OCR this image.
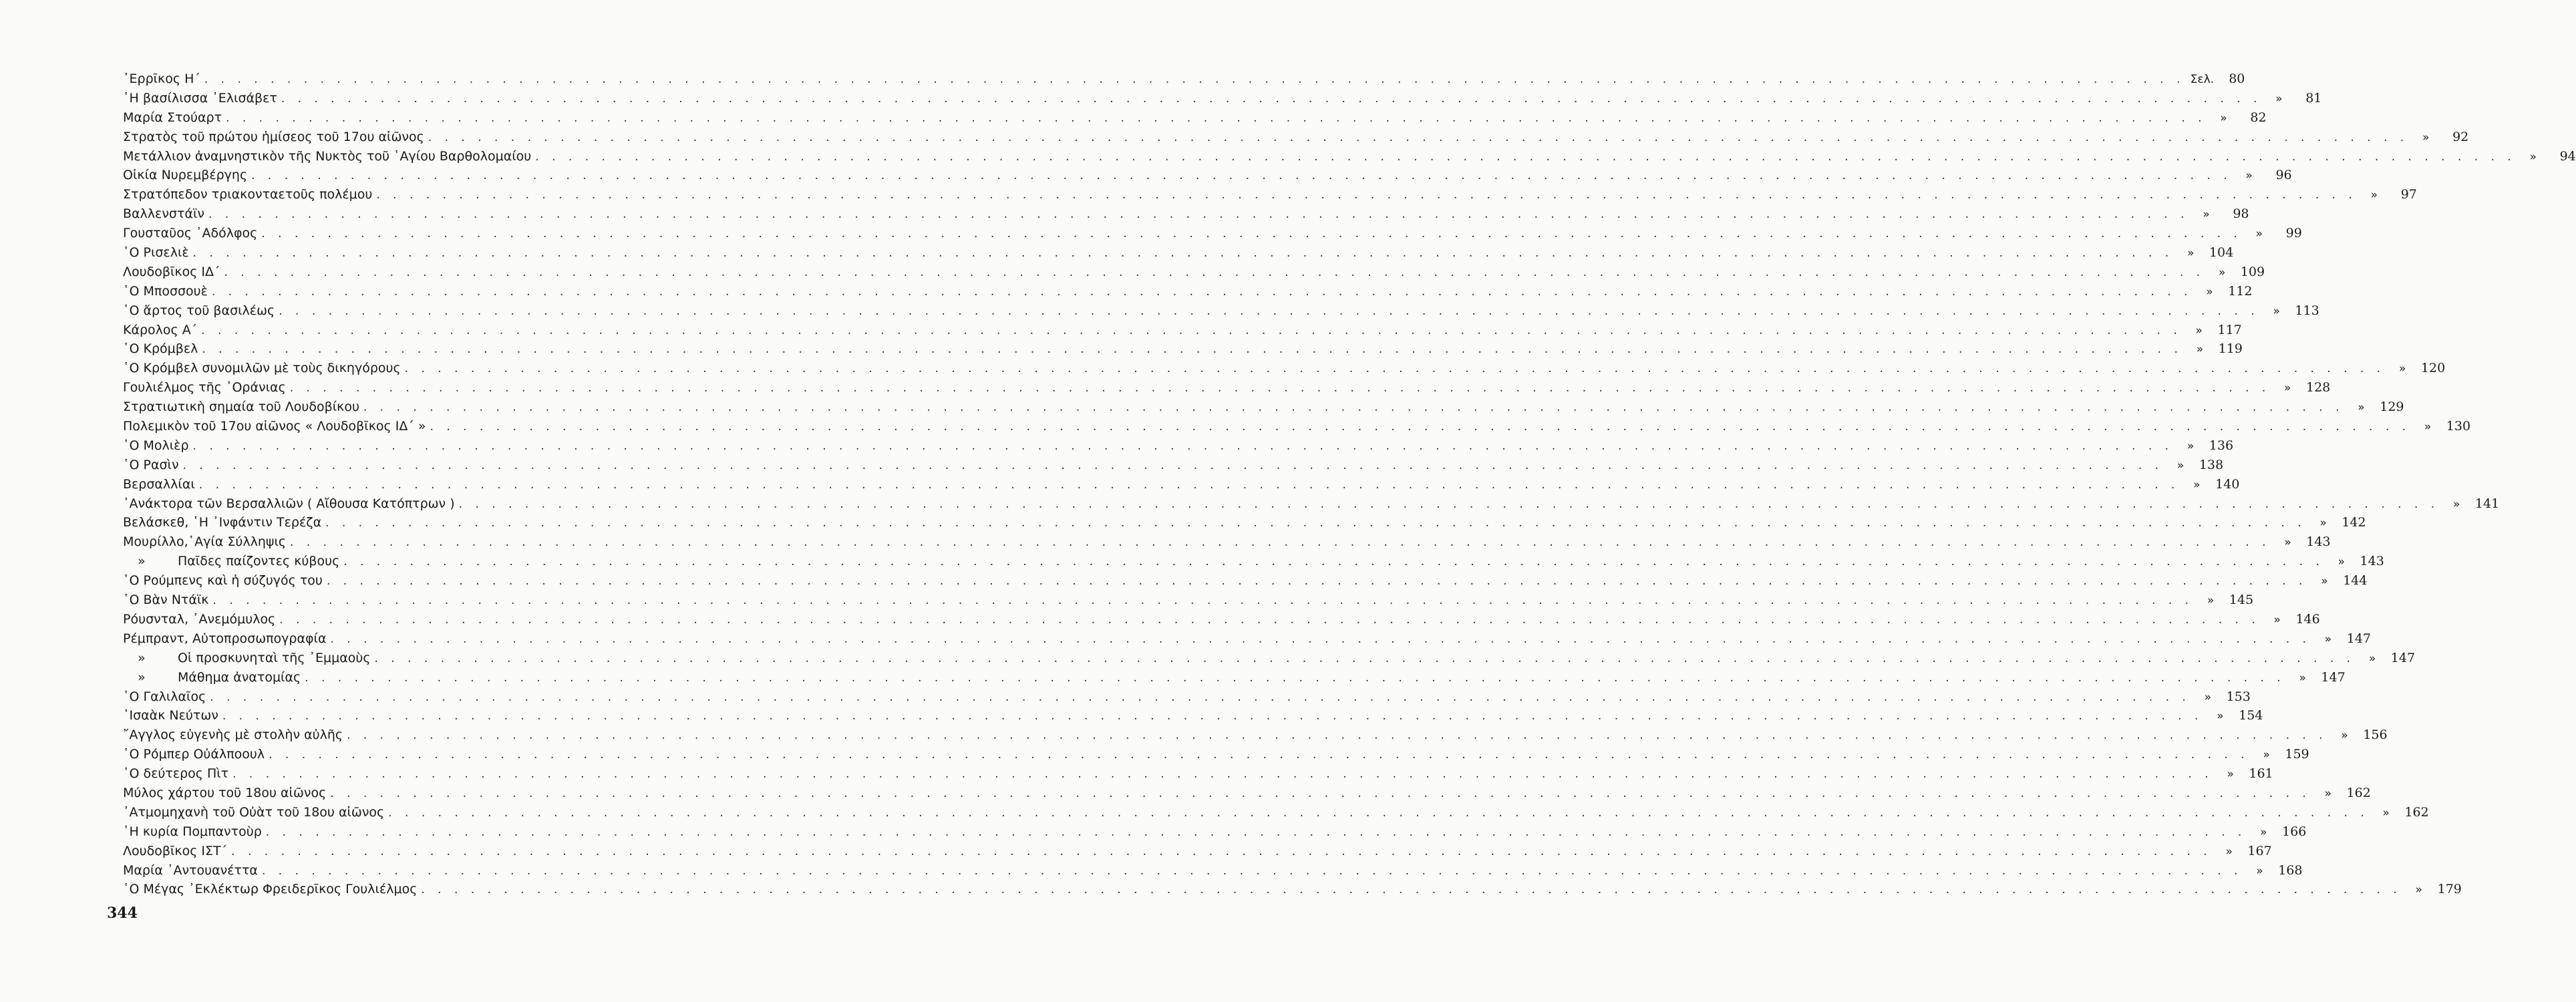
᾿Ερρῖκος Η΄ . . . . . . . . . . . . . . . . . . . . . . . . . . . . . . . . . . . . . . . . . . . . . . . . . . . . . . . . . . . . . . . . . . . . . . . . . . . . . . . . . . . . . . . . . . . . . . . . . . . . . . . . . . . . . . . . . . . . . . . . Σελ.	80
῾Η βασίλισσα ᾿Ελισάβετ . . . . . . . . . . . . . . . . . . . . . . . . . . . . . . . . . . . . . . . . . . . . . . . . . . . . . . . . . . . . . . . . . . . . . . . . . . . . . . . . . . . . . . . . . . . . . . . . . . . . . . . . . . . . . . . . . . . . . . . .	»	81
Μαρία Στούαρτ . . . . . . . . . . . . . . . . . . . . . . . . . . . . . . . . . . . . . . . . . . . . . . . . . . . . . . . . . . . . . . . . . . . . . . . . . . . . . . . . . . . . . . . . . . . . . . . . . . . . . . . . . . . . . . . . . . . . . . . .	»	82
Στρατὸς τοῦ πρώτου ἡμίσεος τοῦ 17ου αἰῶνος . . . . . . . . . . . . . . . . . . . . . . . . . . . . . . . . . . . . . . . . . . . . . . . . . . . . . . . . . . . . . . . . . . . . . . . . . . . . . . . . . . . . . . . . . . . . . . . . . . . . . . . . . . . . . . . . . . . . . . . .	»	92
Μετάλλιον ἀναμνηστικὸν τῆς Νυκτὸς τοῦ ῾Αγίου Βαρθολομαίου . . . . . . . . . . . . . . . . . . . . . . . . . . . . . . . . . . . . . . . . . . . . . . . . . . . . . . . . . . . . . . . . . . . . . . . . . . . . . . . . . . . . . . . . . . . . . . . . . . . . . . . . . . . . . . . . . . . . . . . .	»	94
Οἰκία Νυρεμβέργης . . . . . . . . . . . . . . . . . . . . . . . . . . . . . . . . . . . . . . . . . . . . . . . . . . . . . . . . . . . . . . . . . . . . . . . . . . . . . . . . . . . . . . . . . . . . . . . . . . . . . . . . . . . . . . . . . . . . . . . .	»	96
Στρατόπεδον τριακονταετοῦς πολέμου . . . . . . . . . . . . . . . . . . . . . . . . . . . . . . . . . . . . . . . . . . . . . . . . . . . . . . . . . . . . . . . . . . . . . . . . . . . . . . . . . . . . . . . . . . . . . . . . . . . . . . . . . . . . . . . . . . . . . . . .	»	97
Βαλλενστάϊν . . . . . . . . . . . . . . . . . . . . . . . . . . . . . . . . . . . . . . . . . . . . . . . . . . . . . . . . . . . . . . . . . . . . . . . . . . . . . . . . . . . . . . . . . . . . . . . . . . . . . . . . . . . . . . . . . . . . . . . .	»	98
Γουσταῦος ᾿Αδόλφος . . . . . . . . . . . . . . . . . . . . . . . . . . . . . . . . . . . . . . . . . . . . . . . . . . . . . . . . . . . . . . . . . . . . . . . . . . . . . . . . . . . . . . . . . . . . . . . . . . . . . . . . . . . . . . . . . . . . . . . .	»	99
῾Ο Ρισελιὲ . . . . . . . . . . . . . . . . . . . . . . . . . . . . . . . . . . . . . . . . . . . . . . . . . . . . . . . . . . . . . . . . . . . . . . . . . . . . . . . . . . . . . . . . . . . . . . . . . . . . . . . . . . . . . . . . . . . . . . . .	»	104
Λουδοβῖκος ΙΔ΄ . . . . . . . . . . . . . . . . . . . . . . . . . . . . . . . . . . . . . . . . . . . . . . . . . . . . . . . . . . . . . . . . . . . . . . . . . . . . . . . . . . . . . . . . . . . . . . . . . . . . . . . . . . . . . . . . . . . . . . . .	»	109
῾Ο Μποσσουὲ . . . . . . . . . . . . . . . . . . . . . . . . . . . . . . . . . . . . . . . . . . . . . . . . . . . . . . . . . . . . . . . . . . . . . . . . . . . . . . . . . . . . . . . . . . . . . . . . . . . . . . . . . . . . . . . . . . . . . . . .	»	112
῾Ο ἄρτος τοῦ βασιλέως . . . . . . . . . . . . . . . . . . . . . . . . . . . . . . . . . . . . . . . . . . . . . . . . . . . . . . . . . . . . . . . . . . . . . . . . . . . . . . . . . . . . . . . . . . . . . . . . . . . . . . . . . . . . . . . . . . . . . . . .	»	113
Κάρολος Α΄ . . . . . . . . . . . . . . . . . . . . . . . . . . . . . . . . . . . . . . . . . . . . . . . . . . . . . . . . . . . . . . . . . . . . . . . . . . . . . . . . . . . . . . . . . . . . . . . . . . . . . . . . . . . . . . . . . . . . . . . .	»	117
῾Ο Κρόμβελ . . . . . . . . . . . . . . . . . . . . . . . . . . . . . . . . . . . . . . . . . . . . . . . . . . . . . . . . . . . . . . . . . . . . . . . . . . . . . . . . . . . . . . . . . . . . . . . . . . . . . . . . . . . . . . . . . . . . . . . .	»	119
῾Ο Κρόμβελ συνομιλῶν μὲ τοὺς δικηγόρους . . . . . . . . . . . . . . . . . . . . . . . . . . . . . . . . . . . . . . . . . . . . . . . . . . . . . . . . . . . . . . . . . . . . . . . . . . . . . . . . . . . . . . . . . . . . . . . . . . . . . . . . . . . . . . . . . . . . . . . .	»	120
Γουλιέλμος τῆς ᾿Οράνιας . . . . . . . . . . . . . . . . . . . . . . . . . . . . . . . . . . . . . . . . . . . . . . . . . . . . . . . . . . . . . . . . . . . . . . . . . . . . . . . . . . . . . . . . . . . . . . . . . . . . . . . . . . . . . . . . . . . . . . . .	»	128
Στρατιωτικὴ σημαία τοῦ Λουδοβίκου . . . . . . . . . . . . . . . . . . . . . . . . . . . . . . . . . . . . . . . . . . . . . . . . . . . . . . . . . . . . . . . . . . . . . . . . . . . . . . . . . . . . . . . . . . . . . . . . . . . . . . . . . . . . . . . . . . . . . . . .	»	129
Πολεμικὸν τοῦ 17ου αἰῶνος « Λουδοβῖκος ΙΔ΄ » . . . . . . . . . . . . . . . . . . . . . . . . . . . . . . . . . . . . . . . . . . . . . . . . . . . . . . . . . . . . . . . . . . . . . . . . . . . . . . . . . . . . . . . . . . . . . . . . . . . . . . . . . . . . . . . . . . . . . . . .	»	130
῾Ο Μολιὲρ . . . . . . . . . . . . . . . . . . . . . . . . . . . . . . . . . . . . . . . . . . . . . . . . . . . . . . . . . . . . . . . . . . . . . . . . . . . . . . . . . . . . . . . . . . . . . . . . . . . . . . . . . . . . . . . . . . . . . . . .	»	136
῾Ο Ρασὶν . . . . . . . . . . . . . . . . . . . . . . . . . . . . . . . . . . . . . . . . . . . . . . . . . . . . . . . . . . . . . . . . . . . . . . . . . . . . . . . . . . . . . . . . . . . . . . . . . . . . . . . . . . . . . . . . . . . . . . . .	»	138
Βερσαλλίαι . . . . . . . . . . . . . . . . . . . . . . . . . . . . . . . . . . . . . . . . . . . . . . . . . . . . . . . . . . . . . . . . . . . . . . . . . . . . . . . . . . . . . . . . . . . . . . . . . . . . . . . . . . . . . . . . . . . . . . . .	»	140
᾿Ανάκτορα τῶν Βερσαλλιῶν ( Αἴθουσα Κατόπτρων ) . . . . . . . . . . . . . . . . . . . . . . . . . . . . . . . . . . . . . . . . . . . . . . . . . . . . . . . . . . . . . . . . . . . . . . . . . . . . . . . . . . . . . . . . . . . . . . . . . . . . . . . . . . . . . . . . . . . . . . . .	»	141
Βελάσκεθ, ῾Η ᾿Ινφάντιν Τερέζα . . . . . . . . . . . . . . . . . . . . . . . . . . . . . . . . . . . . . . . . . . . . . . . . . . . . . . . . . . . . . . . . . . . . . . . . . . . . . . . . . . . . . . . . . . . . . . . . . . . . . . . . . . . . . . . . . . . . . . . .	»	142
Μουρίλλο,῾Αγία Σύλληψις . . . . . . . . . . . . . . . . . . . . . . . . . . . . . . . . . . . . . . . . . . . . . . . . . . . . . . . . . . . . . . . . . . . . . . . . . . . . . . . . . . . . . . . . . . . . . . . . . . . . . . . . . . . . . . . . . . . . . . . .	»	143
»	Παῖδες παίζοντες κύβους . . . . . . . . . . . . . . . . . . . . . . . . . . . . . . . . . . . . . . . . . . . . . . . . . . . . . . . . . . . . . . . . . . . . . . . . . . . . . . . . . . . . . . . . . . . . . . . . . . . . . . . . . . . . . . . . . . . . . . . .	»	143
῾Ο Ρούμπενς καὶ ἡ σύζυγός του . . . . . . . . . . . . . . . . . . . . . . . . . . . . . . . . . . . . . . . . . . . . . . . . . . . . . . . . . . . . . . . . . . . . . . . . . . . . . . . . . . . . . . . . . . . . . . . . . . . . . . . . . . . . . . . . . . . . . . . .	»	144
῾Ο Βὰν Ντάϊκ . . . . . . . . . . . . . . . . . . . . . . . . . . . . . . . . . . . . . . . . . . . . . . . . . . . . . . . . . . . . . . . . . . . . . . . . . . . . . . . . . . . . . . . . . . . . . . . . . . . . . . . . . . . . . . . . . . . . . . . .	»	145
Ρόυσνταλ, ᾿Ανεμόμυλος . . . . . . . . . . . . . . . . . . . . . . . . . . . . . . . . . . . . . . . . . . . . . . . . . . . . . . . . . . . . . . . . . . . . . . . . . . . . . . . . . . . . . . . . . . . . . . . . . . . . . . . . . . . . . . . . . . . . . . . .	»	146
Ρέμπραντ, Αὐτοπροσωπογραφία . . . . . . . . . . . . . . . . . . . . . . . . . . . . . . . . . . . . . . . . . . . . . . . . . . . . . . . . . . . . . . . . . . . . . . . . . . . . . . . . . . . . . . . . . . . . . . . . . . . . . . . . . . . . . . . . . . . . . . . .	»	147
»	Οἱ προσκυνηταὶ τῆς ᾿Εμμαοὺς . . . . . . . . . . . . . . . . . . . . . . . . . . . . . . . . . . . . . . . . . . . . . . . . . . . . . . . . . . . . . . . . . . . . . . . . . . . . . . . . . . . . . . . . . . . . . . . . . . . . . . . . . . . . . . . . . . . . . . . .	»	147
»	Μάθημα ἀνατομίας . . . . . . . . . . . . . . . . . . . . . . . . . . . . . . . . . . . . . . . . . . . . . . . . . . . . . . . . . . . . . . . . . . . . . . . . . . . . . . . . . . . . . . . . . . . . . . . . . . . . . . . . . . . . . . . . . . . . . . . .	»	147
῾Ο Γαλιλαῖος . . . . . . . . . . . . . . . . . . . . . . . . . . . . . . . . . . . . . . . . . . . . . . . . . . . . . . . . . . . . . . . . . . . . . . . . . . . . . . . . . . . . . . . . . . . . . . . . . . . . . . . . . . . . . . . . . . . . . . . .	»	153
᾿Ισαὰκ Νεύτων . . . . . . . . . . . . . . . . . . . . . . . . . . . . . . . . . . . . . . . . . . . . . . . . . . . . . . . . . . . . . . . . . . . . . . . . . . . . . . . . . . . . . . . . . . . . . . . . . . . . . . . . . . . . . . . . . . . . . . . .	»	154
῎Αγγλος εὐγενὴς μὲ στολὴν αὐλῆς . . . . . . . . . . . . . . . . . . . . . . . . . . . . . . . . . . . . . . . . . . . . . . . . . . . . . . . . . . . . . . . . . . . . . . . . . . . . . . . . . . . . . . . . . . . . . . . . . . . . . . . . . . . . . . . . . . . . . . . .	»	156
῾Ο Ρόμπερ Οὐάλποουλ . . . . . . . . . . . . . . . . . . . . . . . . . . . . . . . . . . . . . . . . . . . . . . . . . . . . . . . . . . . . . . . . . . . . . . . . . . . . . . . . . . . . . . . . . . . . . . . . . . . . . . . . . . . . . . . . . . . . . . . .	»	159
῾Ο δεύτερος Πὶτ . . . . . . . . . . . . . . . . . . . . . . . . . . . . . . . . . . . . . . . . . . . . . . . . . . . . . . . . . . . . . . . . . . . . . . . . . . . . . . . . . . . . . . . . . . . . . . . . . . . . . . . . . . . . . . . . . . . . . . . .	»	161
Μύλος χάρτου τοῦ 18ου αἰῶνος . . . . . . . . . . . . . . . . . . . . . . . . . . . . . . . . . . . . . . . . . . . . . . . . . . . . . . . . . . . . . . . . . . . . . . . . . . . . . . . . . . . . . . . . . . . . . . . . . . . . . . . . . . . . . . . . . . . . . . . .	»	162
᾿Ατμομηχανὴ τοῦ Οὐὰτ τοῦ 18ου αἰῶνος . . . . . . . . . . . . . . . . . . . . . . . . . . . . . . . . . . . . . . . . . . . . . . . . . . . . . . . . . . . . . . . . . . . . . . . . . . . . . . . . . . . . . . . . . . . . . . . . . . . . . . . . . . . . . . . . . . . . . . . .	»	162
῾Η κυρία Πομπαντοὺρ . . . . . . . . . . . . . . . . . . . . . . . . . . . . . . . . . . . . . . . . . . . . . . . . . . . . . . . . . . . . . . . . . . . . . . . . . . . . . . . . . . . . . . . . . . . . . . . . . . . . . . . . . . . . . . . . . . . . . . . .	»	166
Λουδοβῖκος ΙΣΤ΄ . . . . . . . . . . . . . . . . . . . . . . . . . . . . . . . . . . . . . . . . . . . . . . . . . . . . . . . . . . . . . . . . . . . . . . . . . . . . . . . . . . . . . . . . . . . . . . . . . . . . . . . . . . . . . . . . . . . . . . . .	»	167
Μαρία ᾿Αντουανέττα . . . . . . . . . . . . . . . . . . . . . . . . . . . . . . . . . . . . . . . . . . . . . . . . . . . . . . . . . . . . . . . . . . . . . . . . . . . . . . . . . . . . . . . . . . . . . . . . . . . . . . . . . . . . . . . . . . . . . . . .	»	168
῾Ο Μέγας ᾿Εκλέκτωρ Φρειδερῖκος Γουλιέλμος . . . . . . . . . . . . . . . . . . . . . . . . . . . . . . . . . . . . . . . . . . . . . . . . . . . . . . . . . . . . . . . . . . . . . . . . . . . . . . . . . . . . . . . . . . . . . . . . . . . . . . . . . . . . . . . . . . . . . . . .	»	179
344
